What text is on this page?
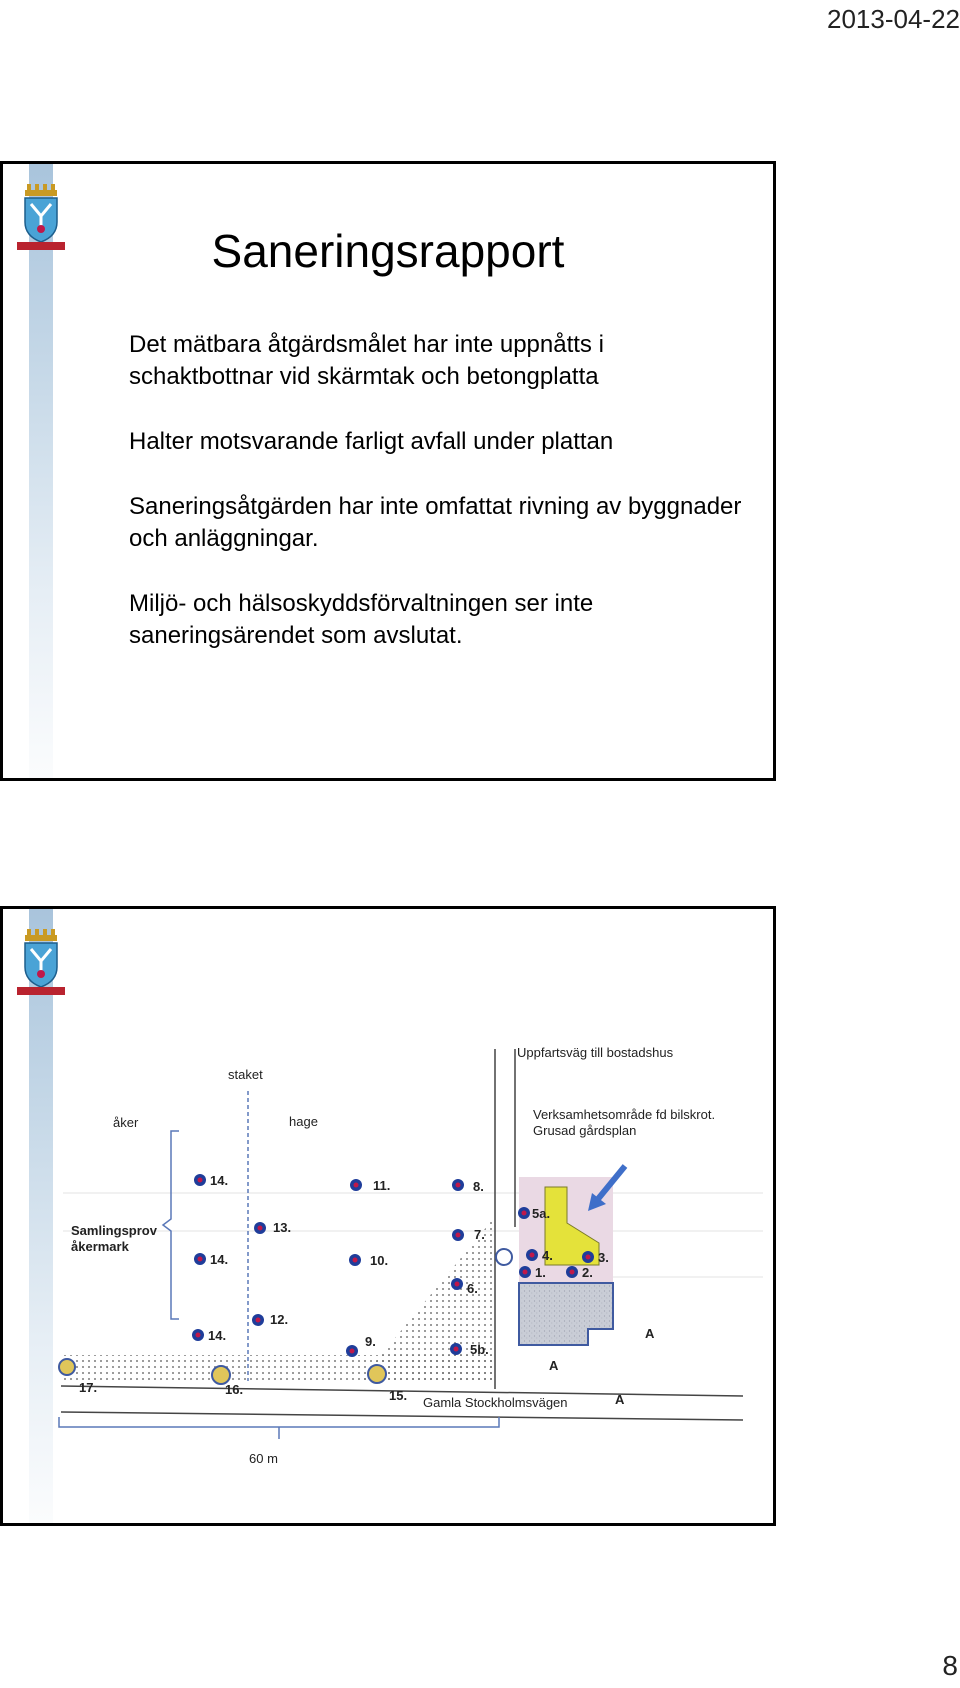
2013-04-22
Saneringsrapport

Det mätbara åtgärdsmålet har inte uppnåtts i schaktbottnar vid skärmtak och betongplatta

Halter motsvarande farligt avfall under plattan

Saneringsåtgärden har inte omfattat rivning av byggnader och anläggningar.

Miljö- och hälsoskyddsförvaltningen ser inte saneringsärendet som avslutat.

Uppfartsväg till bostadshus
staket
åker	hage	Verksamhetsområde fd bilskrot.
Grusad gårdsplan
Samlingsprov
åkermark
Gamla Stockholmsvägen
60 m
A
A
A
14.
14.
14.
13.
12.
11.
10.
9.
8.
7.
6.
5a.
5b.
4.	3.
1.	2.
17.	16.	15.
8
